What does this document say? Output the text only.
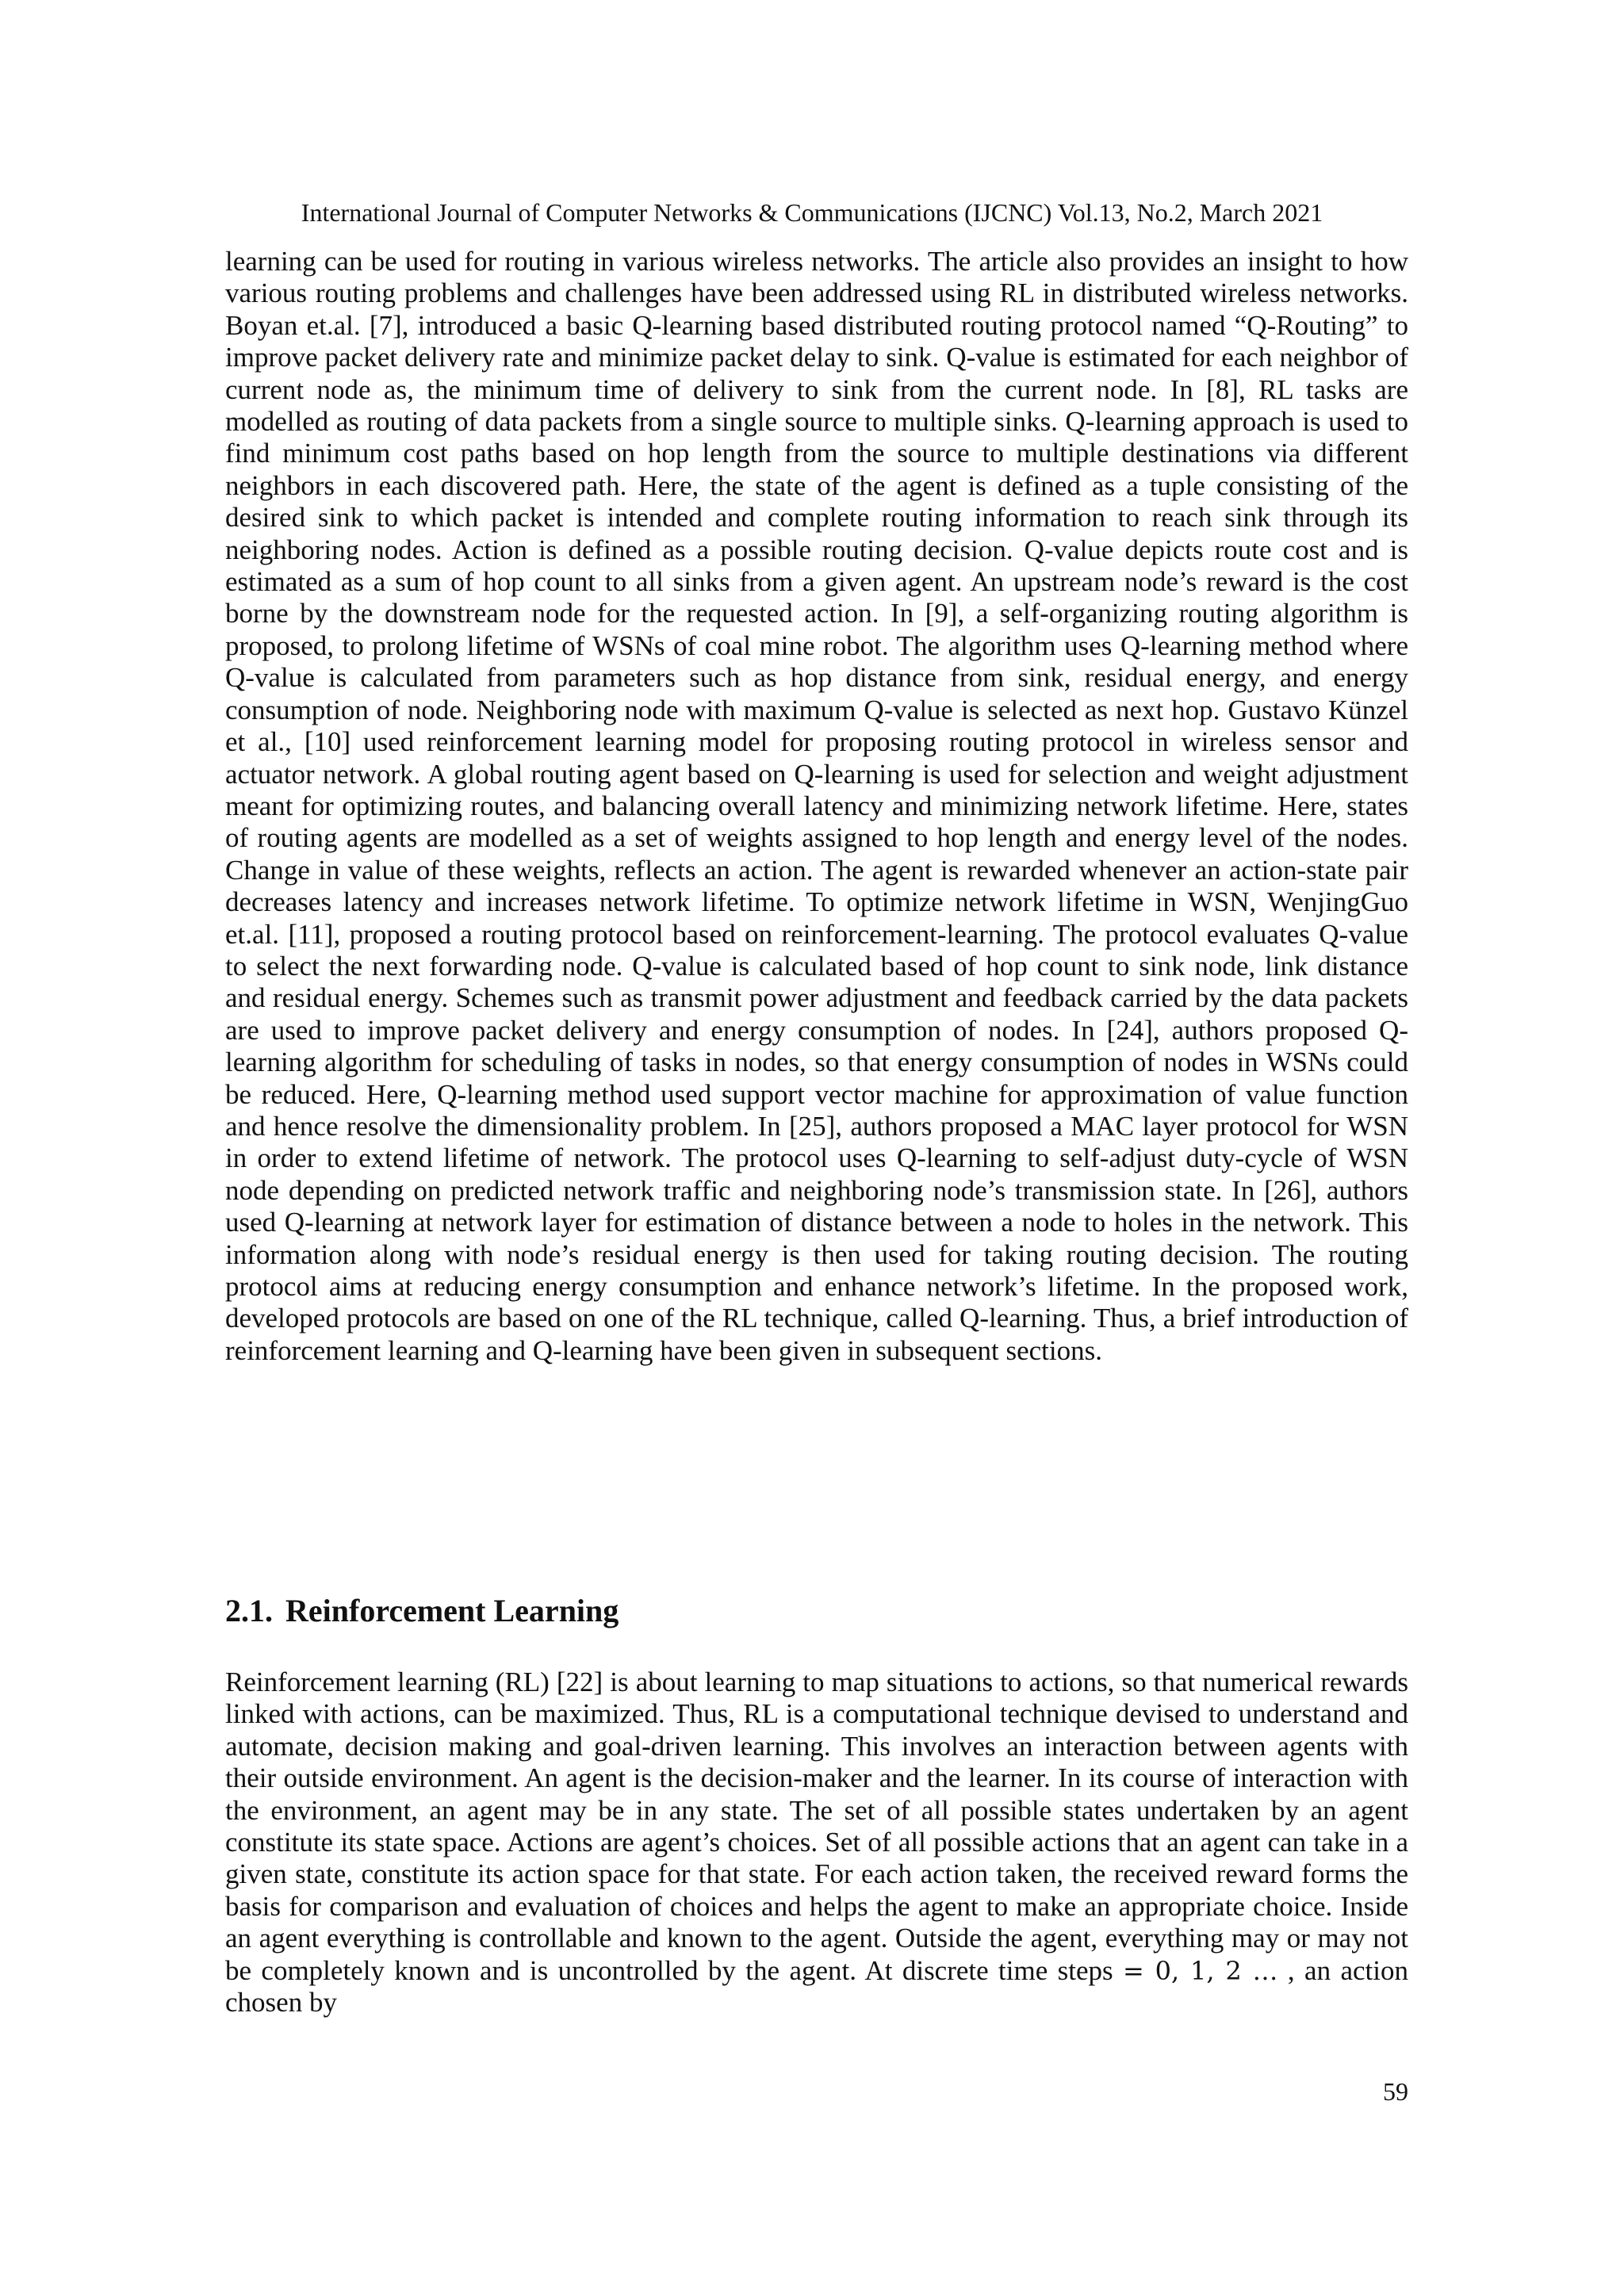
International Journal of Computer Networks & Communications (IJCNC) Vol.13, No.2, March 2021

learning can be used for routing in various wireless networks. The article also provides an insight to how various routing problems and challenges have been addressed using RL in distributed wireless networks. Boyan et.al. [7], introduced a basic Q-learning based distributed routing protocol named “Q-Routing” to improve packet delivery rate and minimize packet delay to sink. Q-value is estimated for each neighbor of current node as, the minimum time of delivery to sink from the current node. In [8], RL tasks are modelled as routing of data packets from a single source to multiple sinks. Q-learning approach is used to find minimum cost paths based on hop length from the source to multiple destinations via different neighbors in each discovered path. Here, the state of the agent is defined as a tuple consisting of the desired sink to which packet is intended and complete routing information to reach sink through its neighboring nodes. Action is defined as a possible routing decision. Q-value depicts route cost and is estimated as a sum of hop count to all sinks from a given agent. An upstream node’s reward is the cost borne by the downstream node for the requested action. In [9], a self-organizing routing algorithm is proposed, to prolong lifetime of WSNs of coal mine robot. The algorithm uses Q-learning method where Q-value is calculated from parameters such as hop distance from sink, residual energy, and energy consumption of node. Neighboring node with maximum Q-value is selected as next hop. Gustavo Künzel et al., [10] used reinforcement learning model for proposing routing protocol in wireless sensor and actuator network. A global routing agent based on Q-learning is used for selection and weight adjustment meant for optimizing routes, and balancing overall latency and minimizing network lifetime. Here, states of routing agents are modelled as a set of weights assigned to hop length and energy level of the nodes. Change in value of these weights, reflects an action. The agent is rewarded whenever an action-state pair decreases latency and increases network lifetime. To optimize network lifetime in WSN, WenjingGuo et.al. [11], proposed a routing protocol based on reinforcement-learning. The protocol evaluates Q-value to select the next forwarding node. Q-value is calculated based of hop count to sink node, link distance and residual energy. Schemes such as transmit power adjustment and feedback carried by the data packets are used to improve packet delivery and energy consumption of nodes. In [24], authors proposed Q-learning algorithm for scheduling of tasks in nodes, so that energy consumption of nodes in WSNs could be reduced. Here, Q-learning method used support vector machine for approximation of value function and hence resolve the dimensionality problem. In [25], authors proposed a MAC layer protocol for WSN in order to extend lifetime of network. The protocol uses Q-learning to self-adjust duty-cycle of WSN node depending on predicted network traffic and neighboring node’s transmission state. In [26], authors used Q-learning at network layer for estimation of distance between a node to holes in the network. This information along with node’s residual energy is then used for taking routing decision. The routing protocol aims at reducing energy consumption and enhance network’s lifetime. In the proposed work, developed protocols are based on one of the RL technique, called Q-learning. Thus, a brief introduction of reinforcement learning and Q-learning have been given in subsequent sections.

2.1. Reinforcement Learning

Reinforcement learning (RL) [22] is about learning to map situations to actions, so that numerical rewards linked with actions, can be maximized. Thus, RL is a computational technique devised to understand and automate, decision making and goal-driven learning. This involves an interaction between agents with their outside environment. An agent is the decision-maker and the learner. In its course of interaction with the environment, an agent may be in any state. The set of all possible states undertaken by an agent constitute its state space. Actions are agent’s choices. Set of all possible actions that an agent can take in a given state, constitute its action space for that state. For each action taken, the received reward forms the basis for comparison and evaluation of choices and helps the agent to make an appropriate choice. Inside an agent everything is controllable and known to the agent. Outside the agent, everything may or may not be completely known and is uncontrolled by the agent. At discrete time steps = 0, 1, 2 … , an action chosen by

59
